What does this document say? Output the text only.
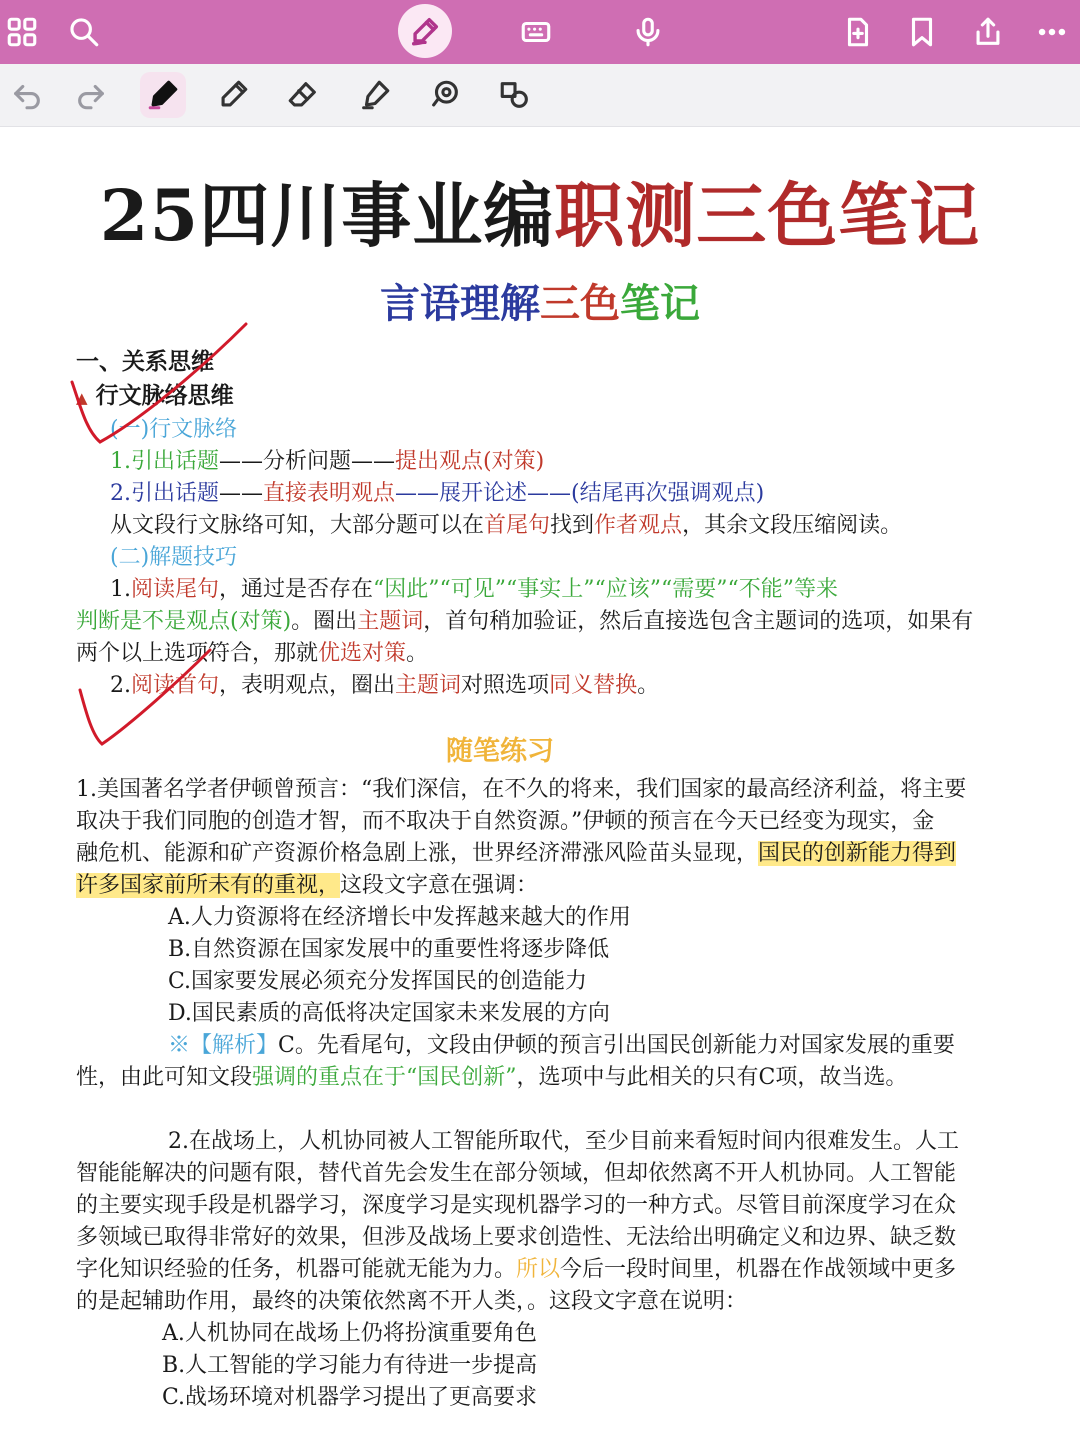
25四川事业编职测三色笔记
言语理解三色笔记
一、关系思维
▲ 行文脉络思维
(一)行文脉络
1.引出话题——分析问题——提出观点(对策)
2.引出话题——直接表明观点——展开论述——(结尾再次强调观点)
从文段行文脉络可知，大部分题可以在首尾句找到作者观点，其余文段压缩阅读。
(二)解题技巧
1.阅读尾句，通过是否存在“因此”“可见”“事实上”“应该”“需要”“不能”等来
判断是不是观点(对策)。圈出主题词，首句稍加验证，然后直接选包含主题词的选项，如果有
两个以上选项符合，那就优选对策。
2.阅读首句，表明观点，圈出主题词对照选项同义替换。
随笔练习
1.美国著名学者伊顿曾预言：“我们深信，在不久的将来，我们国家的最高经济利益，将主要
取决于我们同胞的创造才智，而不取决于自然资源。”伊顿的预言在今天已经变为现实，金
融危机、能源和矿产资源价格急剧上涨，世界经济滞涨风险苗头显现，国民的创新能力得到
许多国家前所未有的重视，这段文字意在强调：
A.人力资源将在经济增长中发挥越来越大的作用
B.自然资源在国家发展中的重要性将逐步降低
C.国家要发展必须充分发挥国民的创造能力
D.国民素质的高低将决定国家未来发展的方向
※【解析】C。先看尾句，文段由伊顿的预言引出国民创新能力对国家发展的重要
性，由此可知文段强调的重点在于“国民创新”，选项中与此相关的只有C项，故当选。
2.在战场上，人机协同被人工智能所取代，至少目前来看短时间内很难发生。人工
智能能解决的问题有限，替代首先会发生在部分领域，但却依然离不开人机协同。人工智能
的主要实现手段是机器学习，深度学习是实现机器学习的一种方式。尽管目前深度学习在众
多领域已取得非常好的效果，但涉及战场上要求创造性、无法给出明确定义和边界、缺乏数
字化知识经验的任务，机器可能就无能为力。所以今后一段时间里，机器在作战领域中更多
的是起辅助作用，最终的决策依然离不开人类，。这段文字意在说明：
A.人机协同在战场上仍将扮演重要角色
B.人工智能的学习能力有待进一步提高
C.战场环境对机器学习提出了更高要求
